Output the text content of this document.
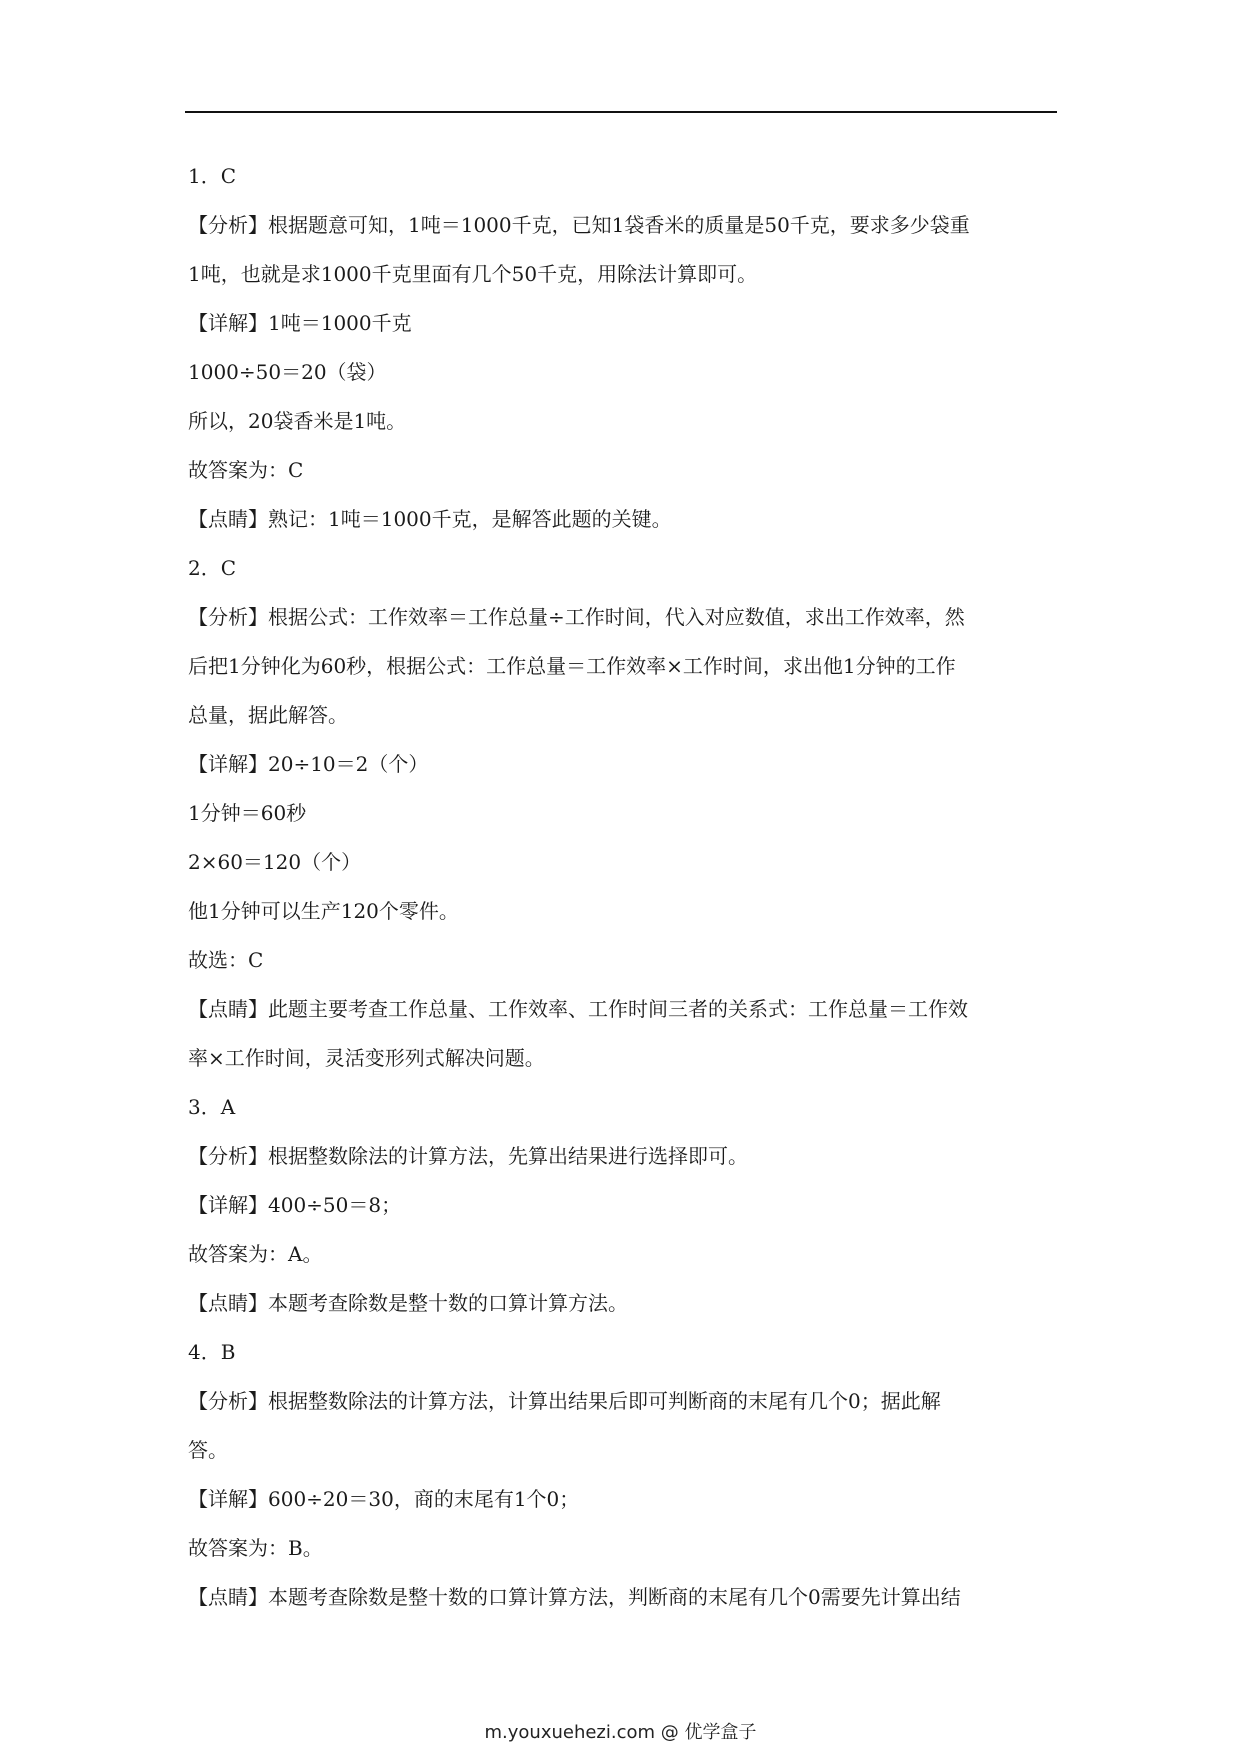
1．C
【分析】根据题意可知，1吨＝1000千克，已知1袋香米的质量是50千克，要求多少袋重
1吨，也就是求1000千克里面有几个50千克，用除法计算即可。
【详解】1吨＝1000千克
1000÷50＝20（袋）
所以，20袋香米是1吨。
故答案为：C
【点睛】熟记：1吨＝1000千克，是解答此题的关键。
2．C
【分析】根据公式：工作效率＝工作总量÷工作时间，代入对应数值，求出工作效率，然
后把1分钟化为60秒，根据公式：工作总量＝工作效率×工作时间，求出他1分钟的工作
总量，据此解答。
【详解】20÷10＝2（个）
1分钟＝60秒
2×60＝120（个）
他1分钟可以生产120个零件。
故选：C
【点睛】此题主要考查工作总量、工作效率、工作时间三者的关系式：工作总量＝工作效
率×工作时间，灵活变形列式解决问题。
3．A
【分析】根据整数除法的计算方法，先算出结果进行选择即可。
【详解】400÷50＝8；
故答案为：A。
【点睛】本题考查除数是整十数的口算计算方法。
4．B
【分析】根据整数除法的计算方法，计算出结果后即可判断商的末尾有几个0；据此解
答。
【详解】600÷20＝30，商的末尾有1个0；
故答案为：B。
【点睛】本题考查除数是整十数的口算计算方法，判断商的末尾有几个0需要先计算出结
m.youxuehezi.com @ 优学盒子
